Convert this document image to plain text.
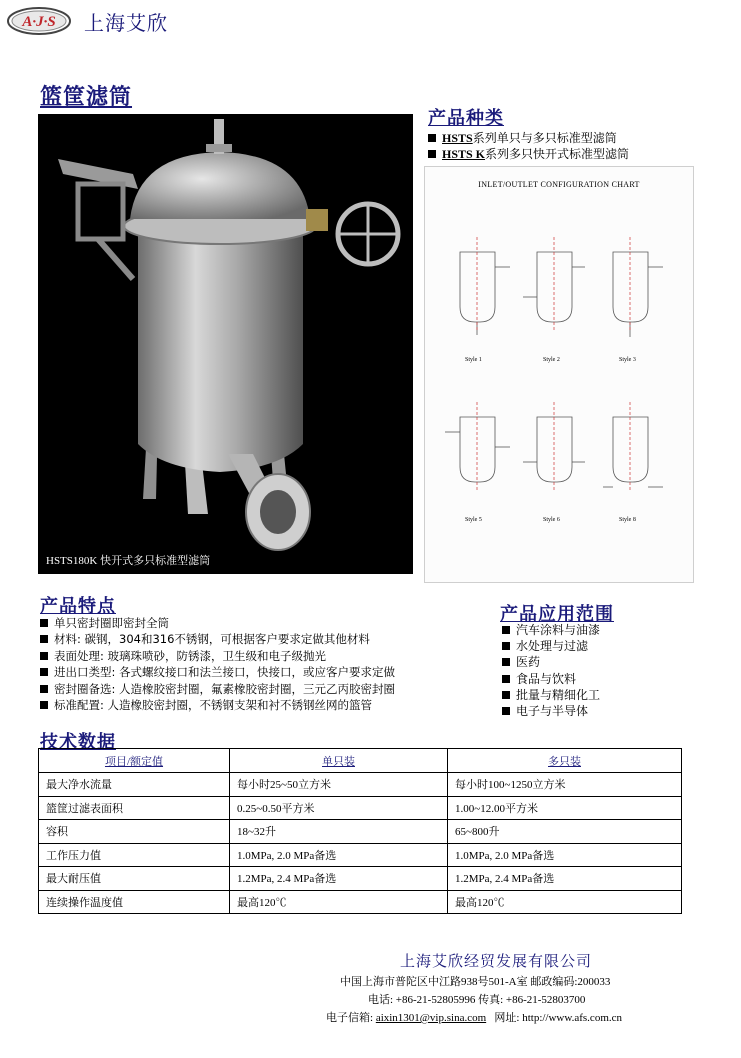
A·J·S 上海艾欣
篮筐滤筒
HSTS180K 快开式多只标准型滤筒
产品种类
HSTS系列单只与多只标准型滤筒
HSTS K系列多只快开式标准型滤筒
INLET/OUTLET CONFIGURATION CHART
Style 1	Style 2	Style 3
Style 5	Style 6	Style 8
产品特点
单只密封圈即密封全筒
材料: 碳钢，304和316不锈钢，可根据客户要求定做其他材料
表面处理: 玻璃珠喷砂，防锈漆，卫生级和电子级抛光
进出口类型: 各式螺纹接口和法兰接口，快接口，或应客户要求定做
密封圈备选: 人造橡胶密封圈，氟素橡胶密封圈，三元乙丙胶密封圈
标准配置: 人造橡胶密封圈，不锈钢支架和衬不锈钢丝网的篮管
产品应用范围
汽车涂料与油漆
水处理与过滤
医药
食品与饮料
批量与精细化工
电子与半导体
技术数据
项目/额定值	单只装	多只装
最大净水流量	每小时25~50立方米	每小时100~1250立方米
篮筐过滤表面积	0.25~0.50平方米	1.00~12.00平方米
容积	18~32升	65~800升
工作压力值	1.0MPa, 2.0 MPa备选	1.0MPa, 2.0 MPa备选
最大耐压值	1.2MPa, 2.4 MPa备选	1.2MPa, 2.4 MPa备选
连续操作温度值	最高120℃	最高120℃
上海艾欣经贸发展有限公司
中国上海市普陀区中江路938号501-A室 邮政编码:200033
电话: +86-21-52805996 传真: +86-21-52803700
电子信箱: aixin1301@vip.sina.com 网址: http://www.afs.com.cn
